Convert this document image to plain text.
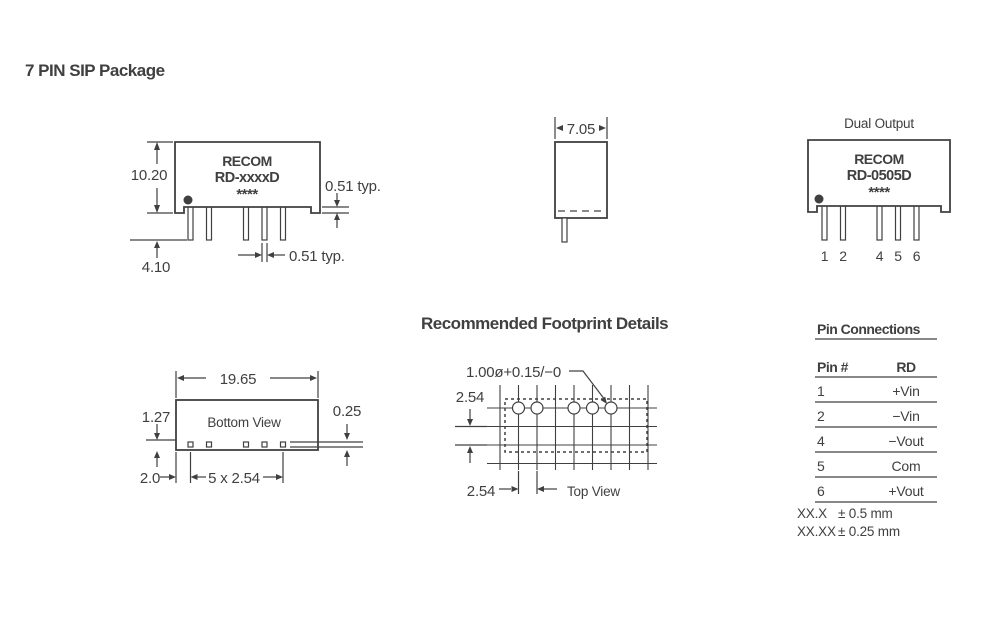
7 PIN SIP Package
RECOM
RD-xxxxD
****
10.20
4.10
0.51 typ.
0.51 typ.
7.05	Dual Output
RECOM
RD-0505D
****
1 2 4 5 6
Bottom View
19.65
1.27	0.25
2.0	5 x 2.54
Recommended Footprint Details
1.00ø+0.15/−0
2.54
2.54	Top View
Pin Connections
Pin #	RD
1	+Vin
2	−Vin
4	−Vout
5	Com
6	+Vout
XX.X ± 0.5 mm
XX.XX ± 0.25 mm
